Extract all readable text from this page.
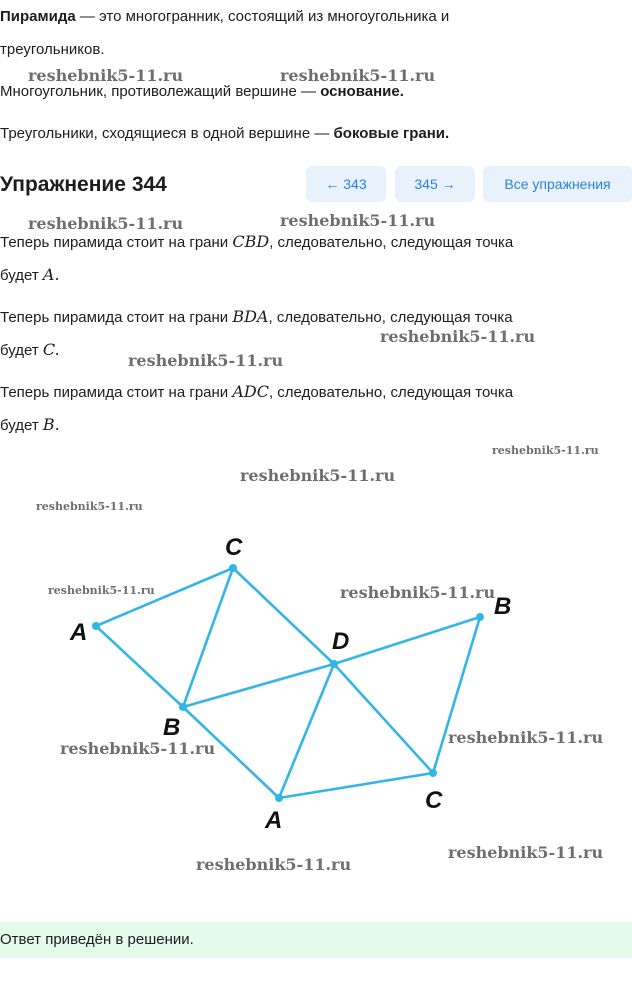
Пирамида — это многогранник, состоящий из многоугольника и

треугольников.

Многоугольник, противолежащий вершине — основание.

Треугольники, сходящиеся в одной вершине — боковые грани.

Упражнение 344	← 343	345 →	Все упражнения

Теперь пирамида стоит на грани CBD, следовательно, следующая точка

будет A.

Теперь пирамида стоит на грани BDA, следовательно, следующая точка

будет C.

Теперь пирамида стоит на грани ADC, следовательно, следующая точка

будет B.

C
A	D
B
B
A
C
reshebnik5-11.ru	reshebnik5-11.ru
reshebnik5-11.ru	reshebnik5-11.ru
reshebnik5-11.ru
reshebnik5-11.ru
reshebnik5-11.ru
reshebnik5-11.ru
reshebnik5-11.ru
reshebnik5-11.ru	reshebnik5-11.ru
reshebnik5-11.ru
reshebnik5-11.ru
reshebnik5-11.ru
reshebnik5-11.ru
Ответ приведён в решении.
